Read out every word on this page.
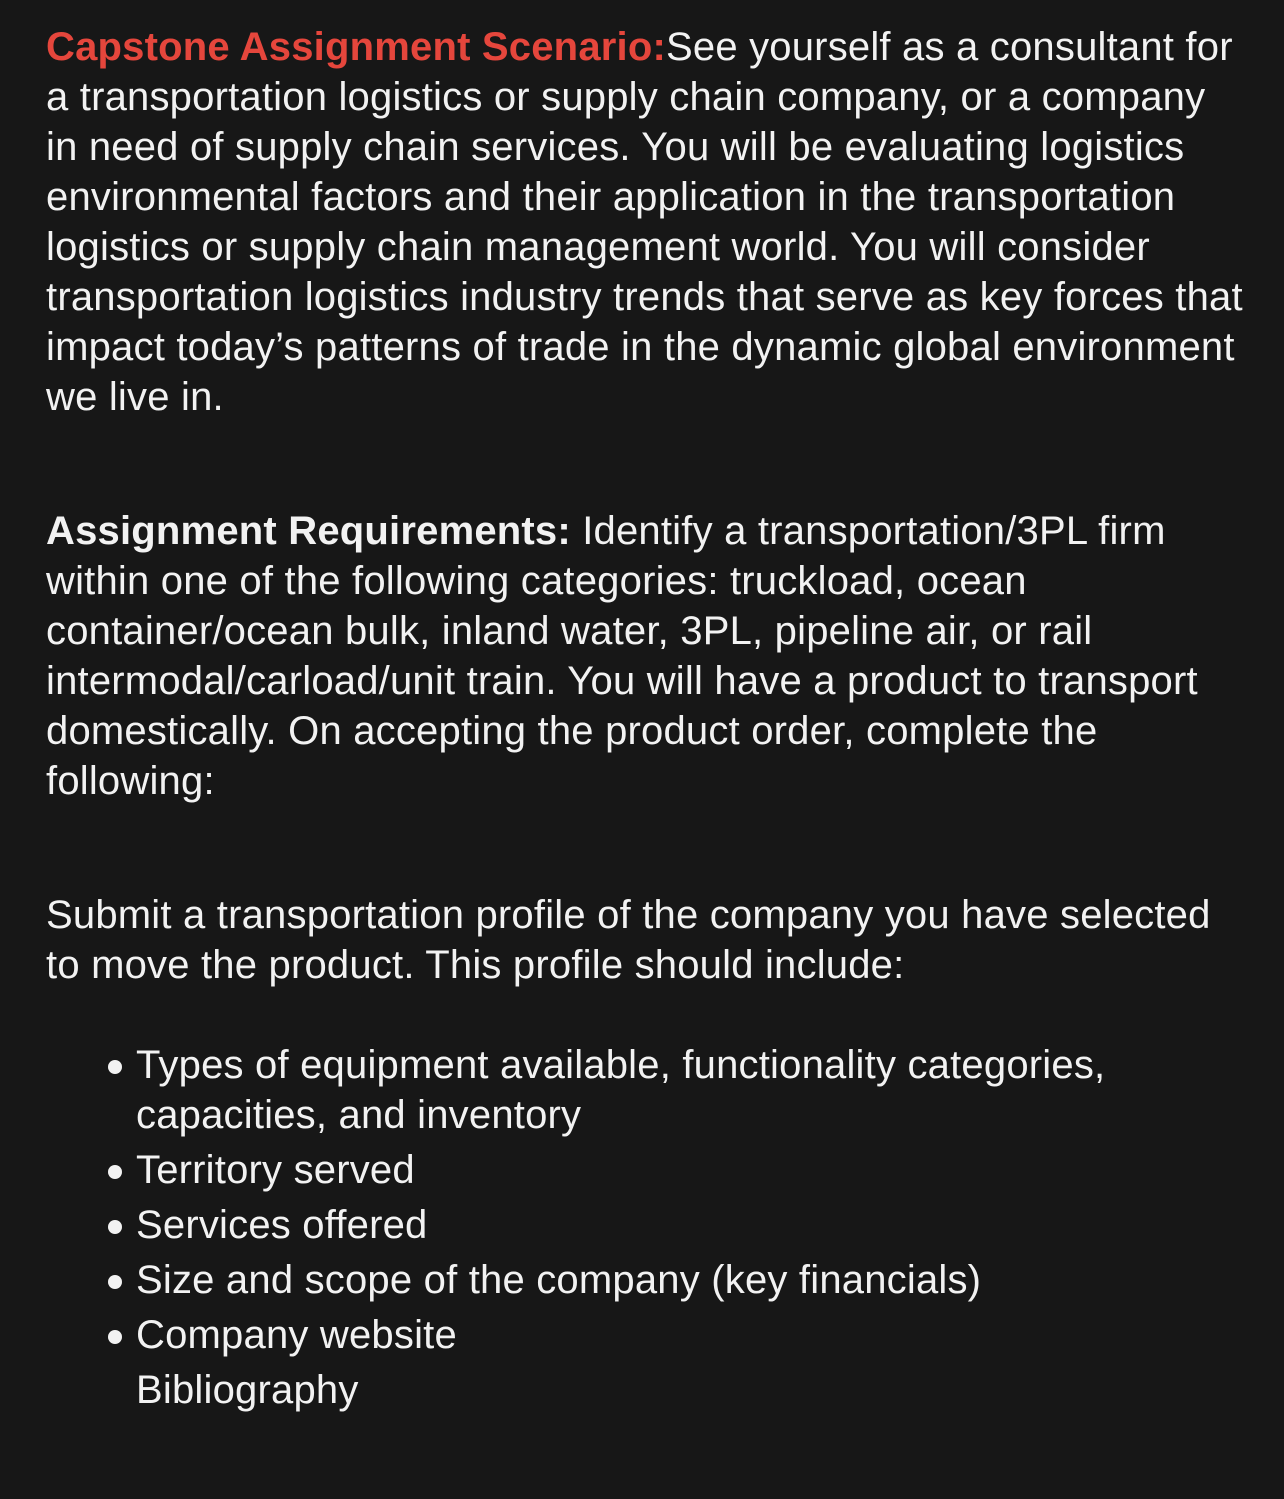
Capstone Assignment Scenario:See yourself as a consultant for a transportation logistics or supply chain company, or a company in need of supply chain services. You will be evaluating logistics environmental factors and their application in the transportation logistics or supply chain management world. You will consider transportation logistics industry trends that serve as key forces that impact today’s patterns of trade in the dynamic global environment we live in.

Assignment Requirements: Identify a transportation/3PL firm within one of the following categories: truckload, ocean container/ocean bulk, inland water, 3PL, pipeline air, or rail intermodal/carload/unit train. You will have a product to transport domestically. On accepting the product order, complete the following:

Submit a transportation profile of the company you have selected to move the product. This profile should include:

Types of equipment available, functionality categories, capacities, and inventory
Territory served
Services offered
Size and scope of the company (key financials)
Company website
Bibliography
